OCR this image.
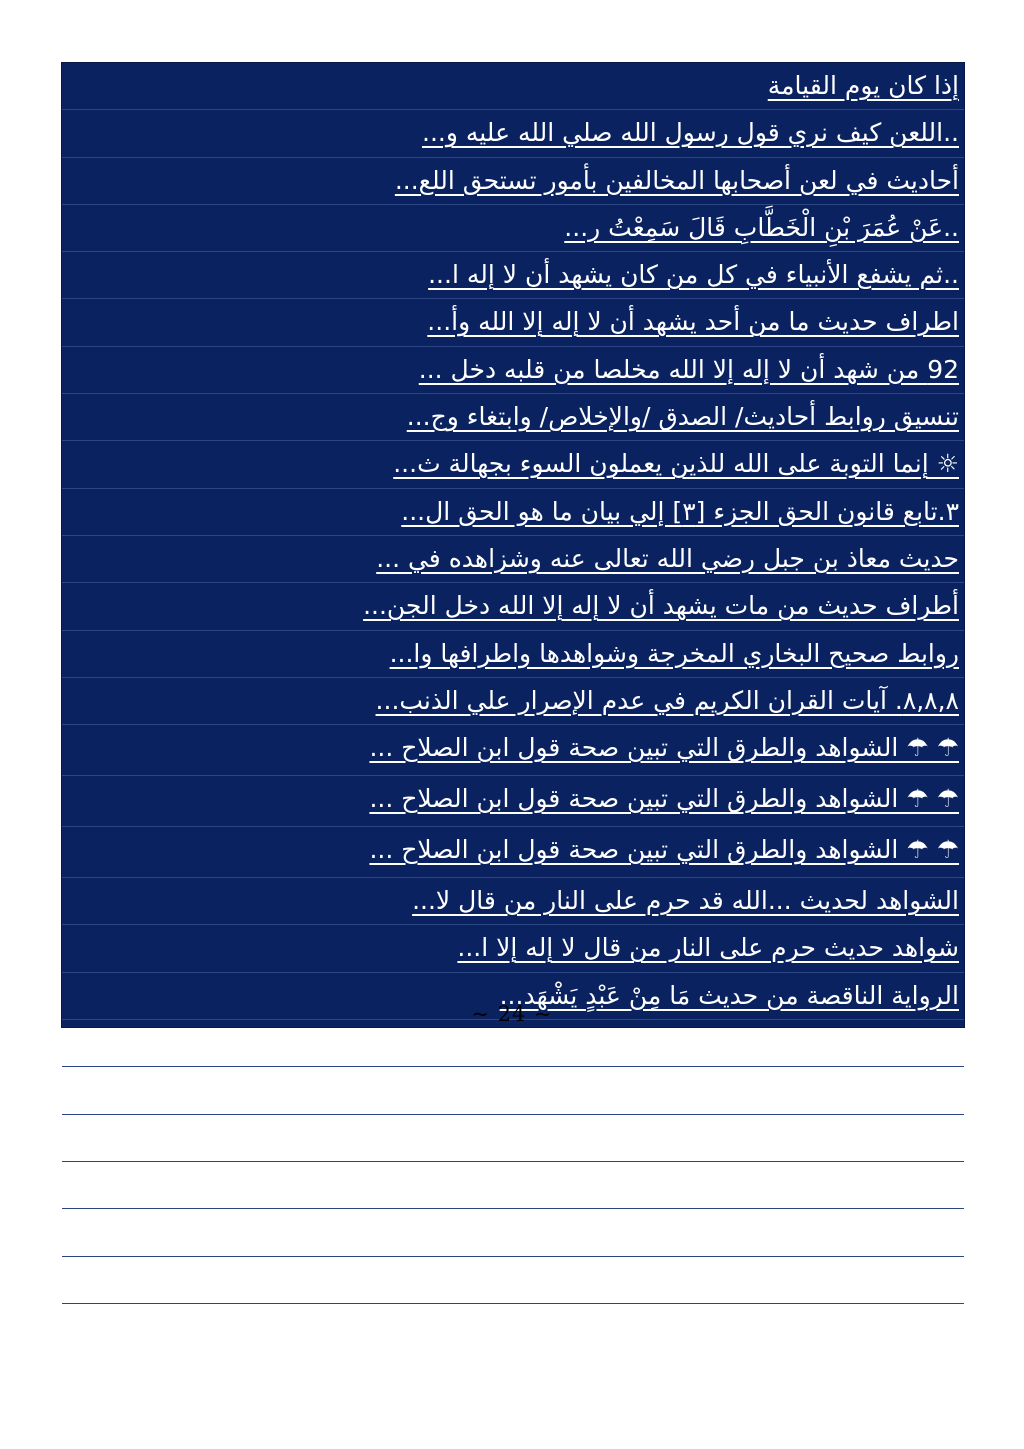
إذا كان يوم القيامة
..اللعن كيف نري قول رسول الله صلي الله عليه و...
أحاديث في لعن أصحابها المخالفين بأمور تستحق اللع...
..عَنْ عُمَرَ بْنِ الْخَطَّابِ قَالَ سَمِعْتُ ر...
..ثم يشفع الأنبياء في كل من كان يشهد أن لا إله ا...
اطراف حديث ما من أحد يشهد أن لا إله إلا الله وأ...
92 من شهد أن لا إله إلا الله مخلصا من قلبه دخل ...
تنسيق روابط أحاديث/ الصدق /والإخلاص/ وابتغاء وج...
☼ إنما التوبة على الله للذين يعملون السوء بجهالة ث...
٣.تابع قانون الحق الجزء [٣] إلي بيان ما هو الحق ال...
حديث معاذ بن جبل رضي الله تعالى عنه وشزاهده في ...
أطراف حديث من مات يشهد أن لا إله إلا الله دخل الجن...
روابط صحيح البخاري المخرجة وشواهدها واطرافها وا...
٨,٨,٨. آيات القران الكريم في عدم الإصرار علي الذنب...
☂ ☂ الشواهد والطرق التي تبين صحة قول ابن الصلاح ...
☂ ☂ الشواهد والطرق التي تبين صحة قول ابن الصلاح ...
☂ ☂ الشواهد والطرق التي تبين صحة قول ابن الصلاح ...
الشواهد لحديث ...الله قد حرم على النار من قال لا...
شواهد حديث حرم على النار من قال لا إله إلا ا...
الرواية الناقصة من حديث مَا مِنْ عَبْدٍ يَشْهَد...
الرواية الناقصة من حديث مَا مِنْ عَبْدٍ يَشْهَد...
البخاري( قَالَ غَدَا عَلَيَّ رَسُولُ اللَّهِ صَلَّ...
★ ما القول الفصل في حديث من قال لا إله إلا الله دخ...
** يقول النووي في تأويله لحديث( من حمل علينا ال...
اللهم لا تدع لنا ذنبا إلا غفرته ولا هماً إلا فرجته...
دعاء ورجاء
~ 24 ~
